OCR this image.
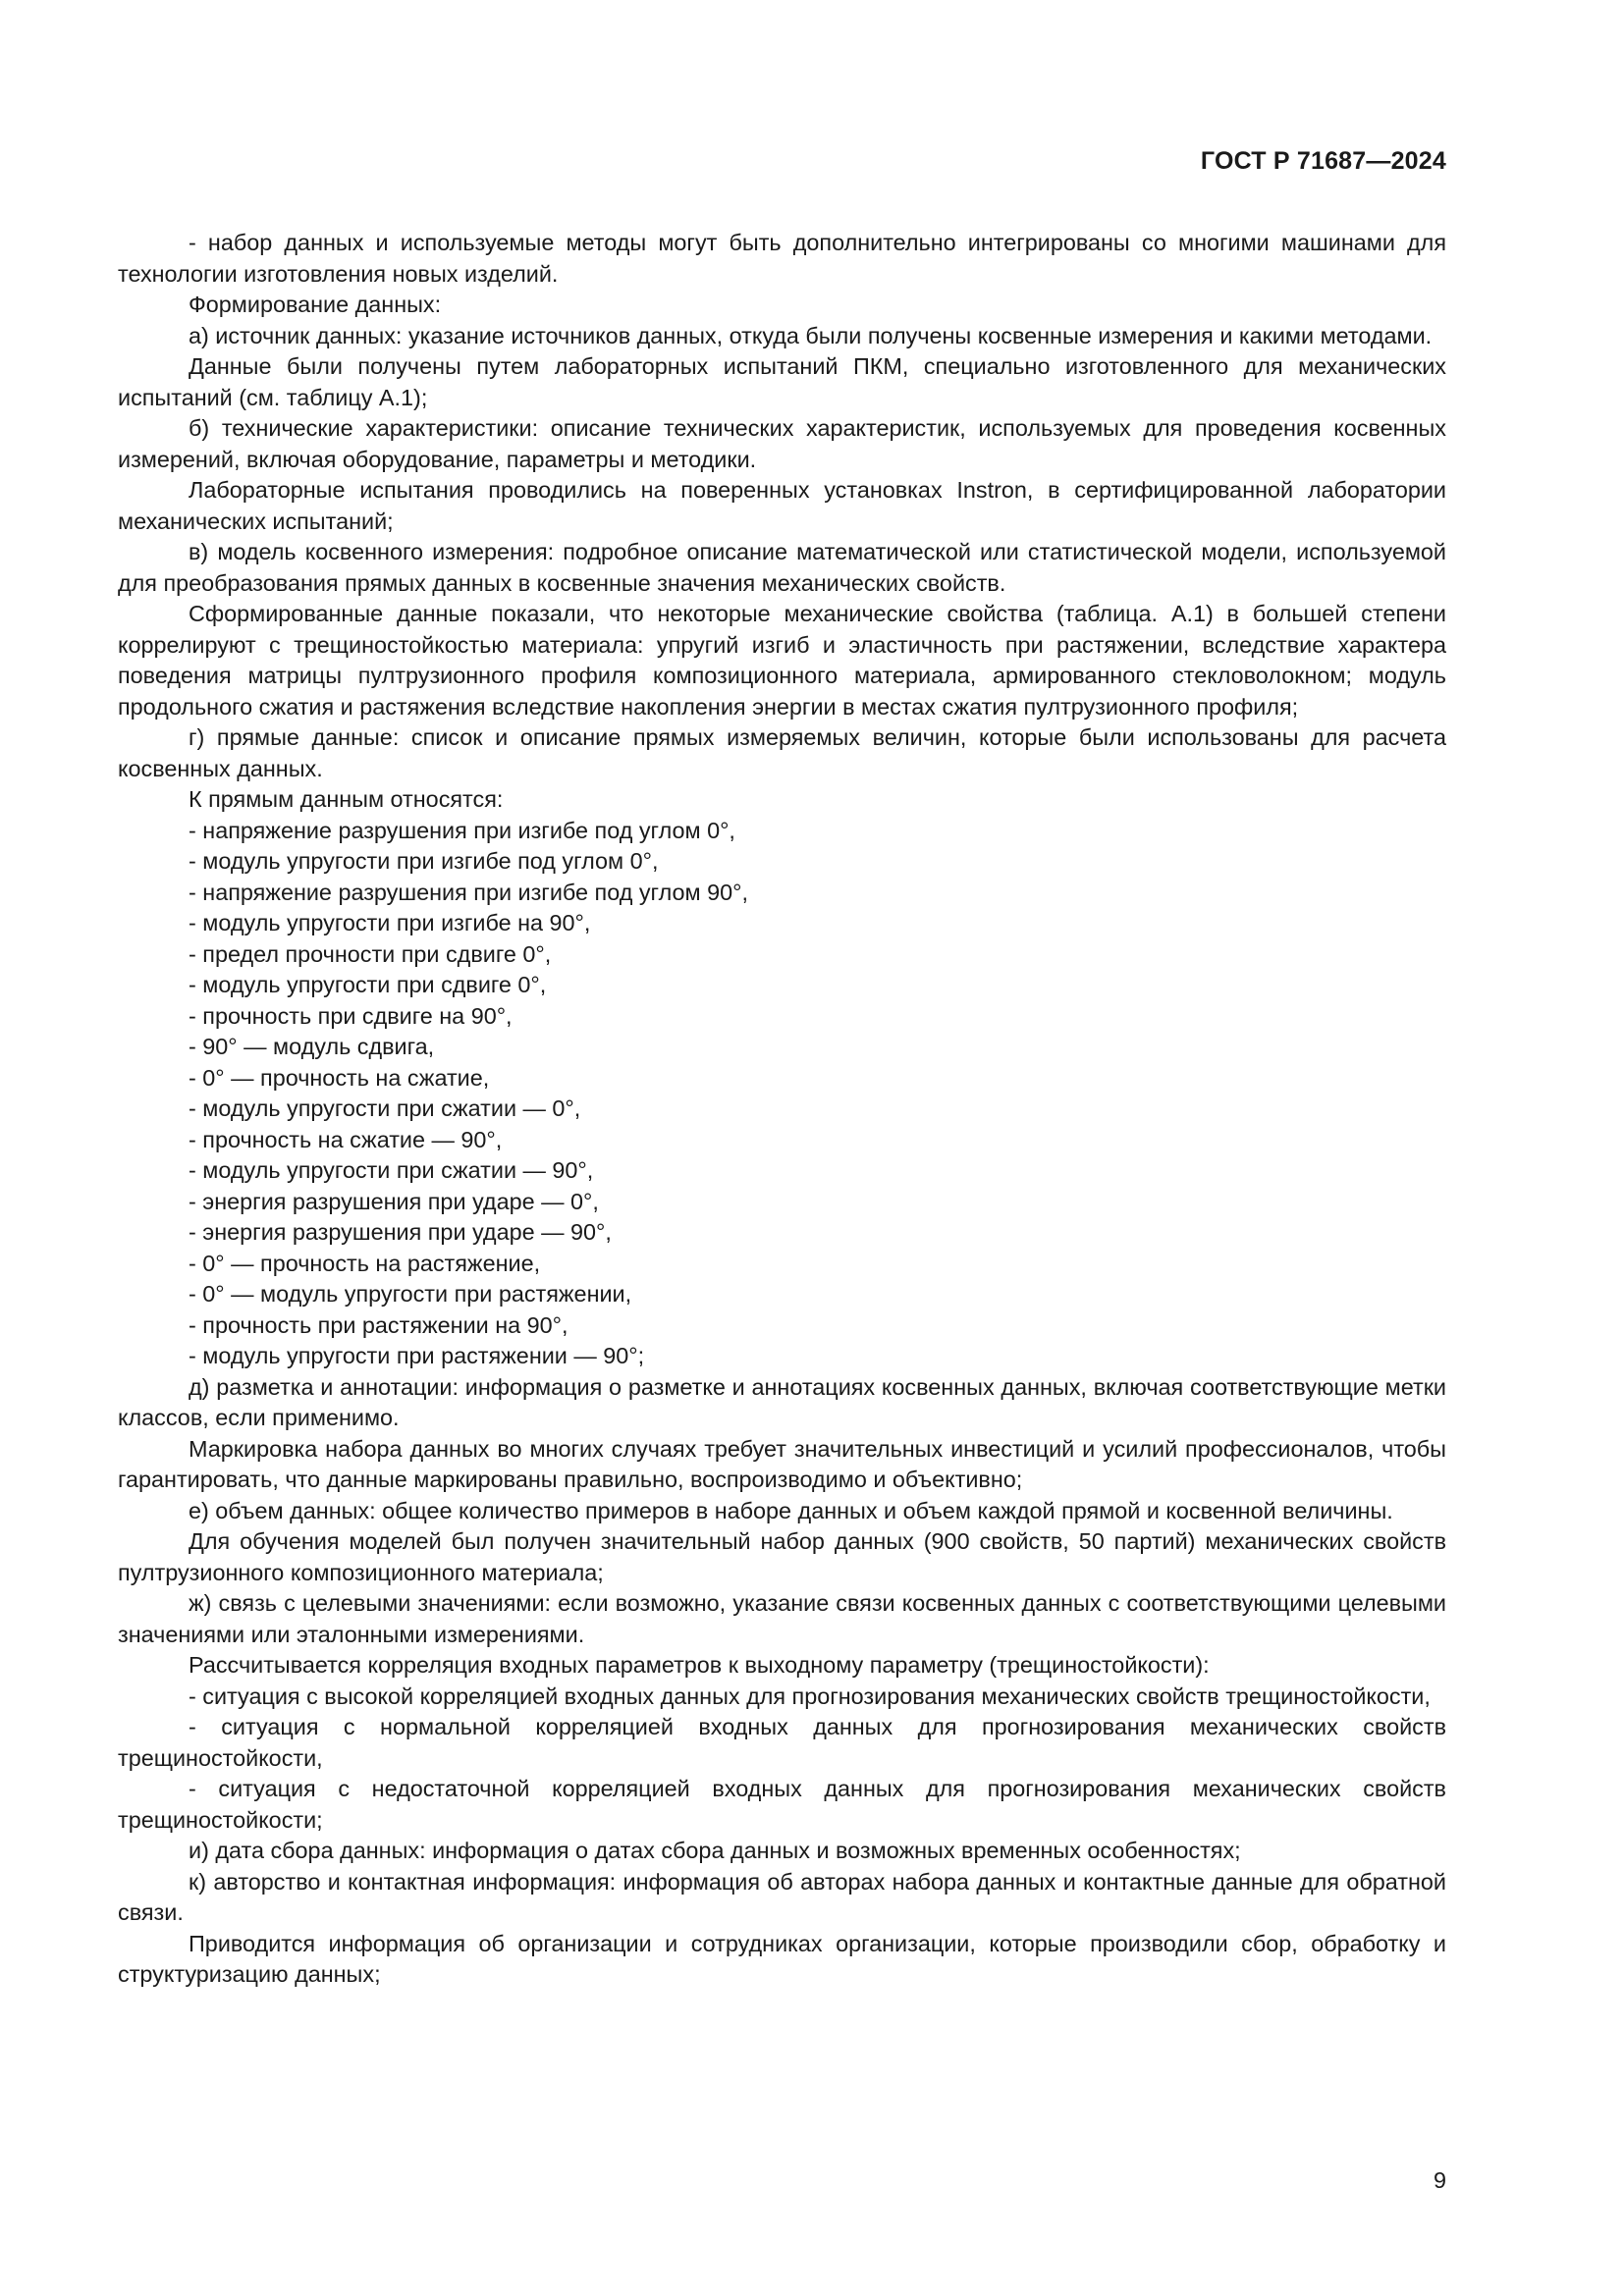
ГОСТ Р 71687—2024

- набор данных и используемые методы могут быть дополнительно интегрированы со многими машинами для технологии изготовления новых изделий.

Формирование данных:

а) источник данных: указание источников данных, откуда были получены косвенные измерения и какими методами.

Данные были получены путем лабораторных испытаний ПКМ, специально изготовленного для механических испытаний (см. таблицу А.1);

б) технические характеристики: описание технических характеристик, используемых для проведения косвенных измерений, включая оборудование, параметры и методики.

Лабораторные испытания проводились на поверенных установках Instron, в сертифицированной лаборатории механических испытаний;

в) модель косвенного измерения: подробное описание математической или статистической модели, используемой для преобразования прямых данных в косвенные значения механических свойств.

Сформированные данные показали, что некоторые механические свойства (таблица. А.1) в большей степени коррелируют с трещиностойкостью материала: упругий изгиб и эластичность при растяжении, вследствие характера поведения матрицы пултрузионного профиля композиционного материала, армированного стекловолокном; модуль продольного сжатия и растяжения вследствие накопления энергии в местах сжатия пултрузионного профиля;

г) прямые данные: список и описание прямых измеряемых величин, которые были использованы для расчета косвенных данных.

К прямым данным относятся:

- напряжение разрушения при изгибе под углом 0°,

- модуль упругости при изгибе под углом 0°,

- напряжение разрушения при изгибе под углом 90°,

- модуль упругости при изгибе на 90°,

- предел прочности при сдвиге 0°,

- модуль упругости при сдвиге 0°,

- прочность при сдвиге на 90°,

- 90° — модуль сдвига,

- 0° — прочность на сжатие,

- модуль упругости при сжатии — 0°,

- прочность на сжатие — 90°,

- модуль упругости при сжатии — 90°,

- энергия разрушения при ударе — 0°,

- энергия разрушения при ударе — 90°,

- 0° — прочность на растяжение,

- 0° — модуль упругости при растяжении,

- прочность при растяжении на 90°,

- модуль упругости при растяжении — 90°;

д) разметка и аннотации: информация о разметке и аннотациях косвенных данных, включая соответствующие метки классов, если применимо.

Маркировка набора данных во многих случаях требует значительных инвестиций и усилий профессионалов, чтобы гарантировать, что данные маркированы правильно, воспроизводимо и объективно;

е) объем данных: общее количество примеров в наборе данных и объем каждой прямой и косвенной величины.

Для обучения моделей был получен значительный набор данных (900 свойств, 50 партий) механических свойств пултрузионного композиционного материала;

ж) связь с целевыми значениями: если возможно, указание связи косвенных данных с соответствующими целевыми значениями или эталонными измерениями.

Рассчитывается корреляция входных параметров к выходному параметру (трещиностойкости):

- ситуация с высокой корреляцией входных данных для прогнозирования механических свойств трещиностойкости,

- ситуация с нормальной корреляцией входных данных для прогнозирования механических свойств трещиностойкости,

- ситуация с недостаточной корреляцией входных данных для прогнозирования механических свойств трещиностойкости;

и) дата сбора данных: информация о датах сбора данных и возможных временных особенностях;

к) авторство и контактная информация: информация об авторах набора данных и контактные данные для обратной связи.

Приводится информация об организации и сотрудниках организации, которые производили сбор, обработку и структуризацию данных;

9
